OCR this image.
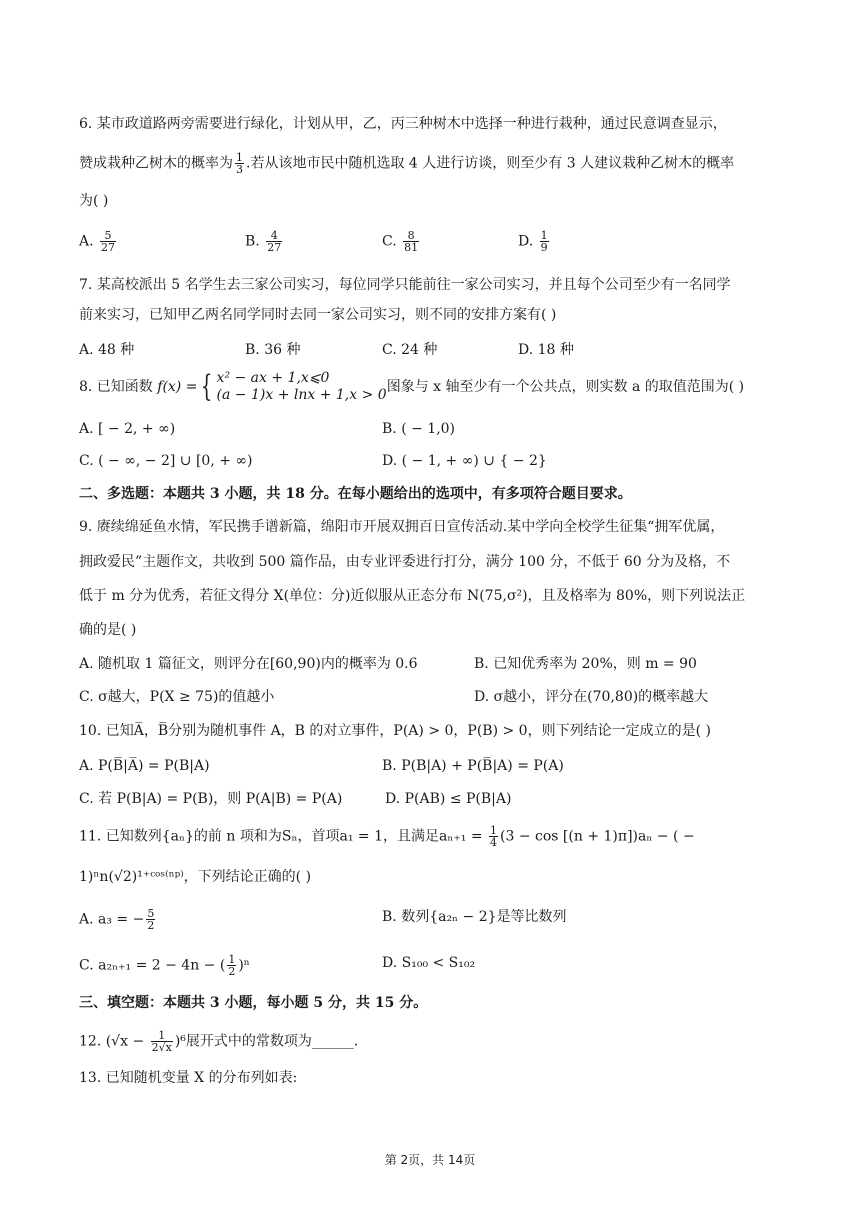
6. 某市政道路两旁需要进行绿化，计划从甲，乙，丙三种树木中选择一种进行栽种，通过民意调查显示，
赞成栽种乙树木的概率为 $\frac{1}{3}$ .若从该地市民中随机选取 4 人进行访谈，则至少有 3 人建议栽种乙树木的概率
为( )
A. $\frac{5}{27}$	B. $\frac{4}{27}$	C. $\frac{8}{81}$	D. $\frac{1}{9}$
7. 某高校派出 5 名学生去三家公司实习，每位同学只能前往一家公司实习，并且每个公司至少有一名同学
前来实习，已知甲乙两名同学同时去同一家公司实习，则不同的安排方案有( )
A. 48 种	B. 36 种	C. 24 种	D. 18 种
8. 已知函数 f(x) = { x² − ax + 1,x⩽0
(a − 1)x + lnx + 1,x > 0 图象与 x 轴至少有一个公共点，则实数 a 的取值范围为( )
A. [ − 2, + ∞)	B. ( − 1,0)
C. ( − ∞, − 2] ∪ [0, + ∞)	D. ( − 1, + ∞) ∪ { − 2}
二、多选题：本题共 3 小题，共 18 分。在每小题给出的选项中，有多项符合题目要求。
9. 赓续绵延鱼水情，军民携手谱新篇，绵阳市开展双拥百日宣传活动.某中学向全校学生征集“拥军优属，
拥政爱民”主题作文，共收到 500 篇作品，由专业评委进行打分，满分 100 分，不低于 60 分为及格，不
低于 m 分为优秀，若征文得分 X(单位：分)近似服从正态分布 N(75,σ²)，且及格率为 80%，则下列说法正
确的是( )
A. 随机取 1 篇征文，则评分在[60,90)内的概率为 0.6	B. 已知优秀率为 20%，则 m = 90
C. σ越大，P(X ≥ 75)的值越小	D. σ越小，评分在(70,80)的概率越大
10. 已知A̅，B̅分别为随机事件 A，B 的对立事件，P(A) > 0，P(B) > 0，则下列结论一定成立的是( )
A. P(B̅|A̅) = P(B|A)	B. P(B|A) + P(B̅|A) = P(A)
C. 若 P(B|A) = P(B)，则 P(A|B) = P(A)	D. P(AB) ≤ P(B|A)
11. 已知数列{aₙ}的前 n 项和为Sₙ，首项a₁ = 1，且满足$a_{n+1} = \frac{1}{4} (3 - \cos [(n + 1)\pi])a_n$ − ( −
1)ⁿn(√2)¹⁺ᶜᵒˢ⁽ⁿᵖ⁾，下列结论正确的( )
A. a₃ = − $\frac{5}{2}$	B. 数列{a₂ₙ − 2}是等比数列
C. a₂ₙ₊₁ = 2 − 4n − ( $\frac{1}{2} )^n$	D. S₁₀₀ < S₁₀₂
三、填空题：本题共 3 小题，每小题 5 分，共 15 分。
12. $(√x - \frac{1}{2√x} )^6$展开式中的常数项为______.
13. 已知随机变量 X 的分布列如表:
第 2页，共 14页
